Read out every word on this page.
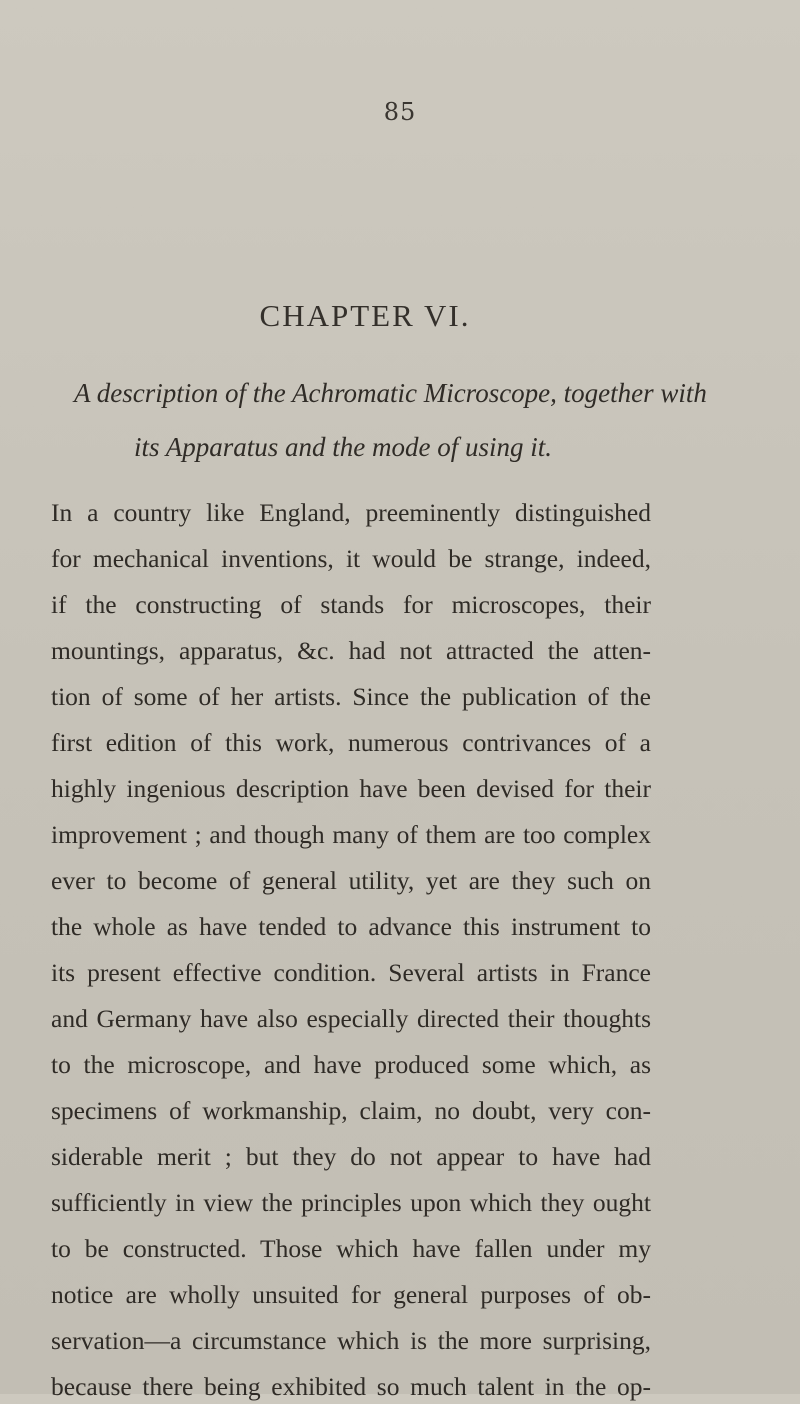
85
CHAPTER VI.
A description of the Achromatic Microscope, together with
its Apparatus and the mode of using it.
In a country like England, preeminently distinguished
for mechanical inventions, it would be strange, indeed,
if the constructing of stands for microscopes, their
mountings, apparatus, &c. had not attracted the atten-
tion of some of her artists. Since the publication of the
first edition of this work, numerous contrivances of a
highly ingenious description have been devised for their
improvement ; and though many of them are too complex
ever to become of general utility, yet are they such on
the whole as have tended to advance this instrument to
its present effective condition. Several artists in France
and Germany have also especially directed their thoughts
to the microscope, and have produced some which, as
specimens of workmanship, claim, no doubt, very con-
siderable merit ; but they do not appear to have had
sufficiently in view the principles upon which they ought
to be constructed. Those which have fallen under my
notice are wholly unsuited for general purposes of ob-
servation—a circumstance which is the more surprising,
because there being exhibited so much talent in the op-
